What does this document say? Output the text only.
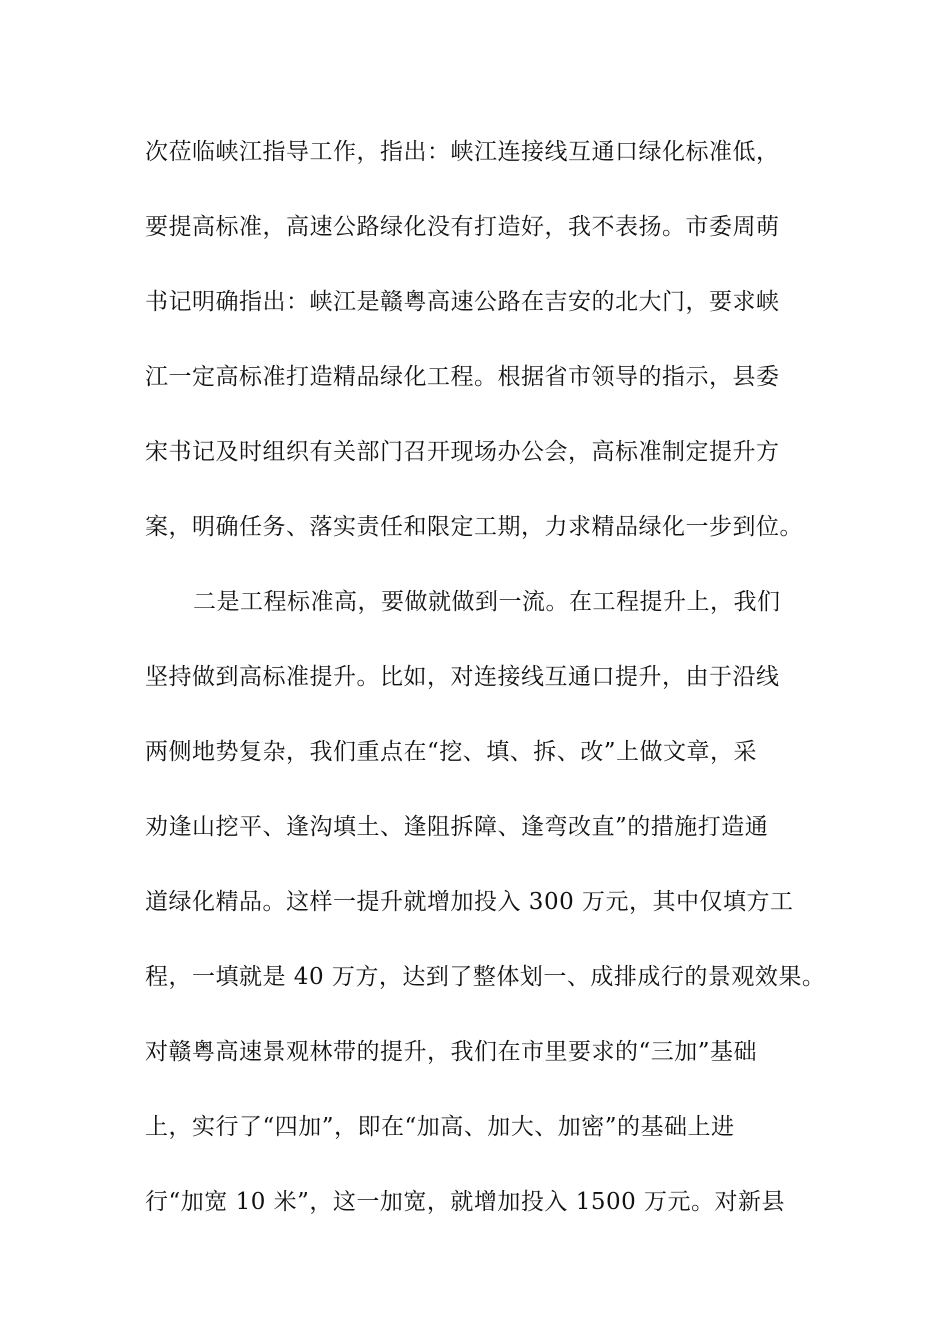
次莅临峡江指导工作，指出：峡江连接线互通口绿化标准低，
要提高标准，高速公路绿化没有打造好，我不表扬。市委周萌
书记明确指出：峡江是赣粤高速公路在吉安的北大门，要求峡
江一定高标准打造精品绿化工程。根据省市领导的指示，县委
宋书记及时组织有关部门召开现场办公会，高标准制定提升方
案，明确任务、落实责任和限定工期，力求精品绿化一步到位。
二是工程标准高，要做就做到一流。在工程提升上，我们
坚持做到高标准提升。比如，对连接线互通口提升，由于沿线
两侧地势复杂，我们重点在“挖、填、拆、改”上做文章，采
劝逢山挖平、逢沟填土、逢阻拆障、逢弯改直”的措施打造通
道绿化精品。这样一提升就增加投入 300 万元，其中仅填方工
程，一填就是 40 万方，达到了整体划一、成排成行的景观效果。
对赣粤高速景观林带的提升，我们在市里要求的“三加”基础
上，实行了“四加”，即在“加高、加大、加密”的基础上进
行“加宽 10 米”，这一加宽，就增加投入 1500 万元。对新县
